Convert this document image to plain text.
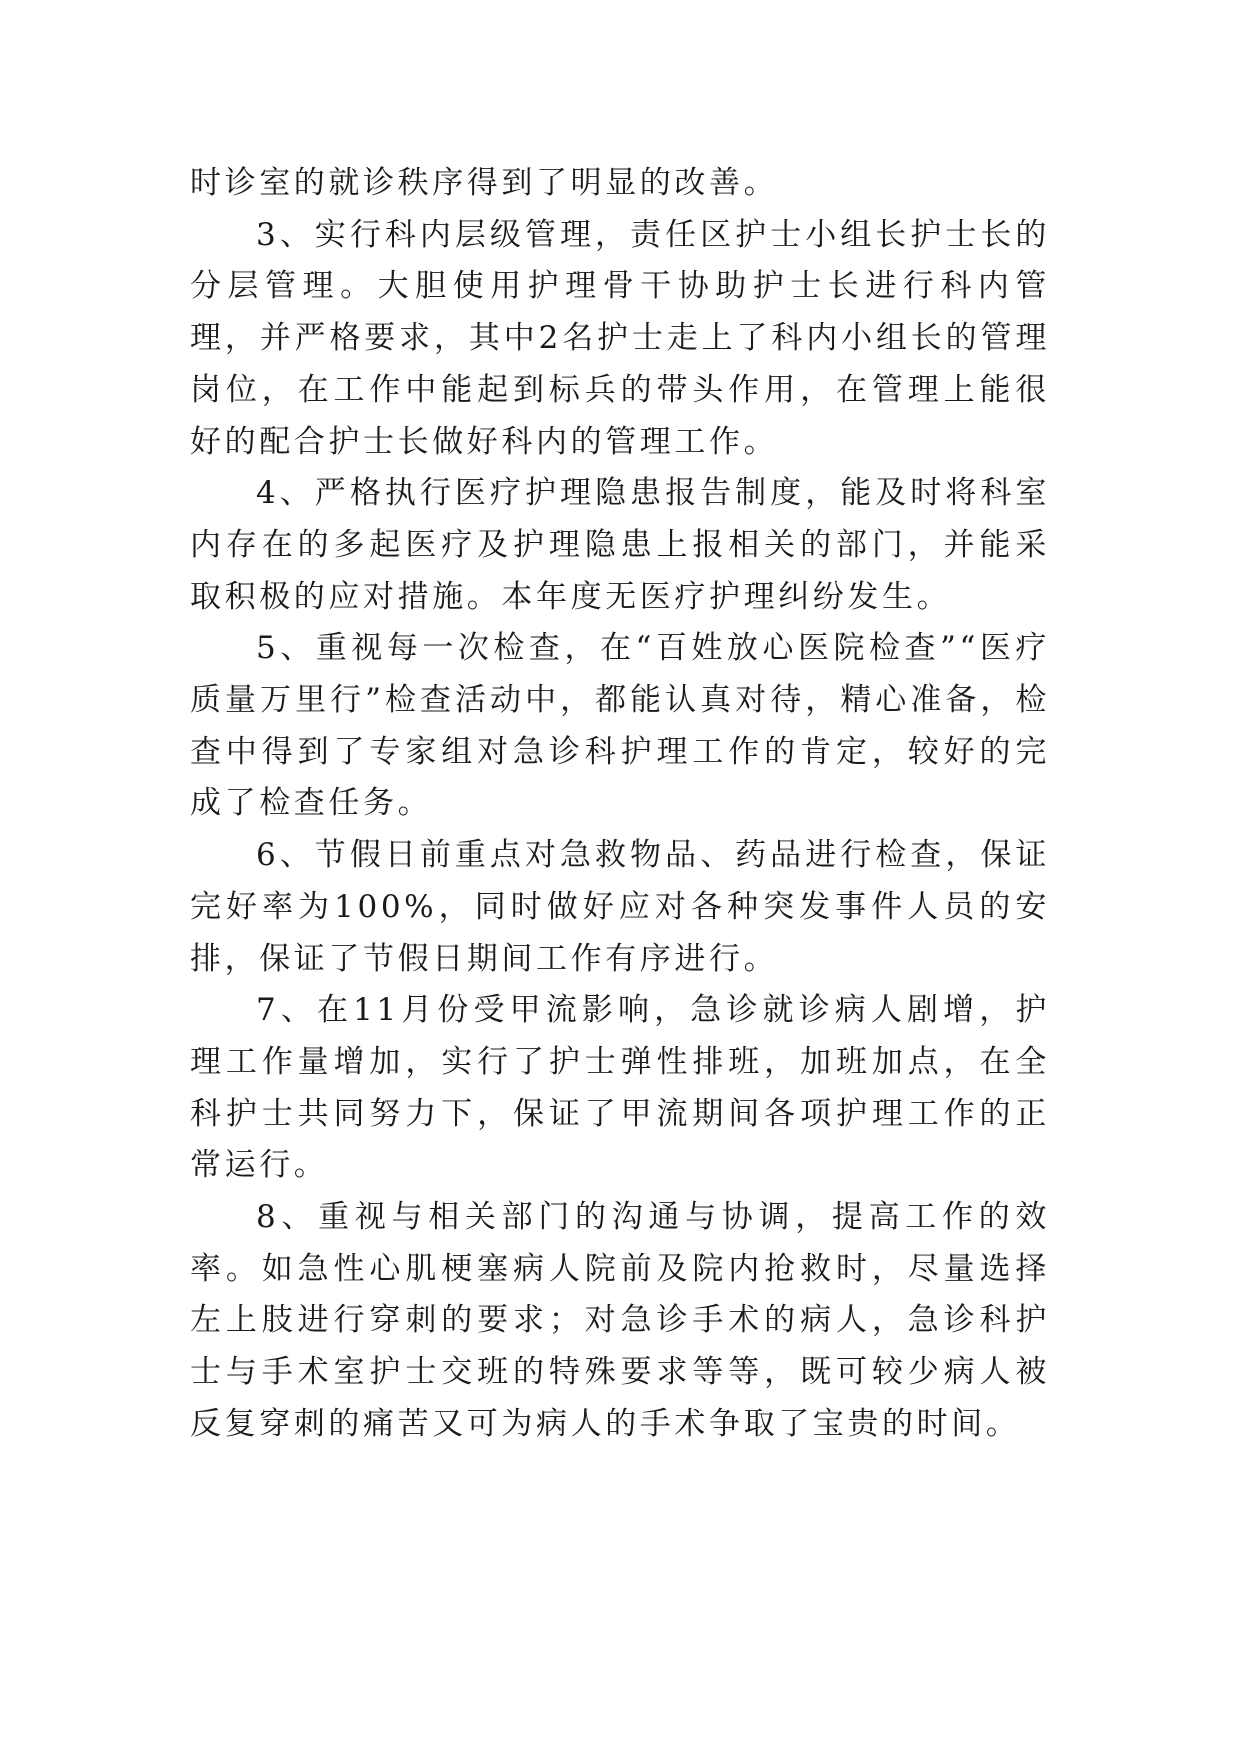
时诊室的就诊秩序得到了明显的改善。

3、实行科内层级管理，责任区护士小组长护士长的分层管理。大胆使用护理骨干协助护士长进行科内管理，并严格要求，其中2名护士走上了科内小组长的管理岗位，在工作中能起到标兵的带头作用，在管理上能很好的配合护士长做好科内的管理工作。

4、严格执行医疗护理隐患报告制度，能及时将科室内存在的多起医疗及护理隐患上报相关的部门，并能采取积极的应对措施。本年度无医疗护理纠纷发生。

5、重视每一次检查，在“百姓放心医院检查”“医疗质量万里行”检查活动中，都能认真对待，精心准备，检查中得到了专家组对急诊科护理工作的肯定，较好的完成了检查任务。

6、节假日前重点对急救物品、药品进行检查，保证完好率为100%，同时做好应对各种突发事件人员的安排，保证了节假日期间工作有序进行。

7、在11月份受甲流影响，急诊就诊病人剧增，护理工作量增加，实行了护士弹性排班，加班加点，在全科护士共同努力下，保证了甲流期间各项护理工作的正常运行。

8、重视与相关部门的沟通与协调，提高工作的效率。如急性心肌梗塞病人院前及院内抢救时，尽量选择左上肢进行穿刺的要求；对急诊手术的病人，急诊科护士与手术室护士交班的特殊要求等等，既可较少病人被反复穿刺的痛苦又可为病人的手术争取了宝贵的时间。
